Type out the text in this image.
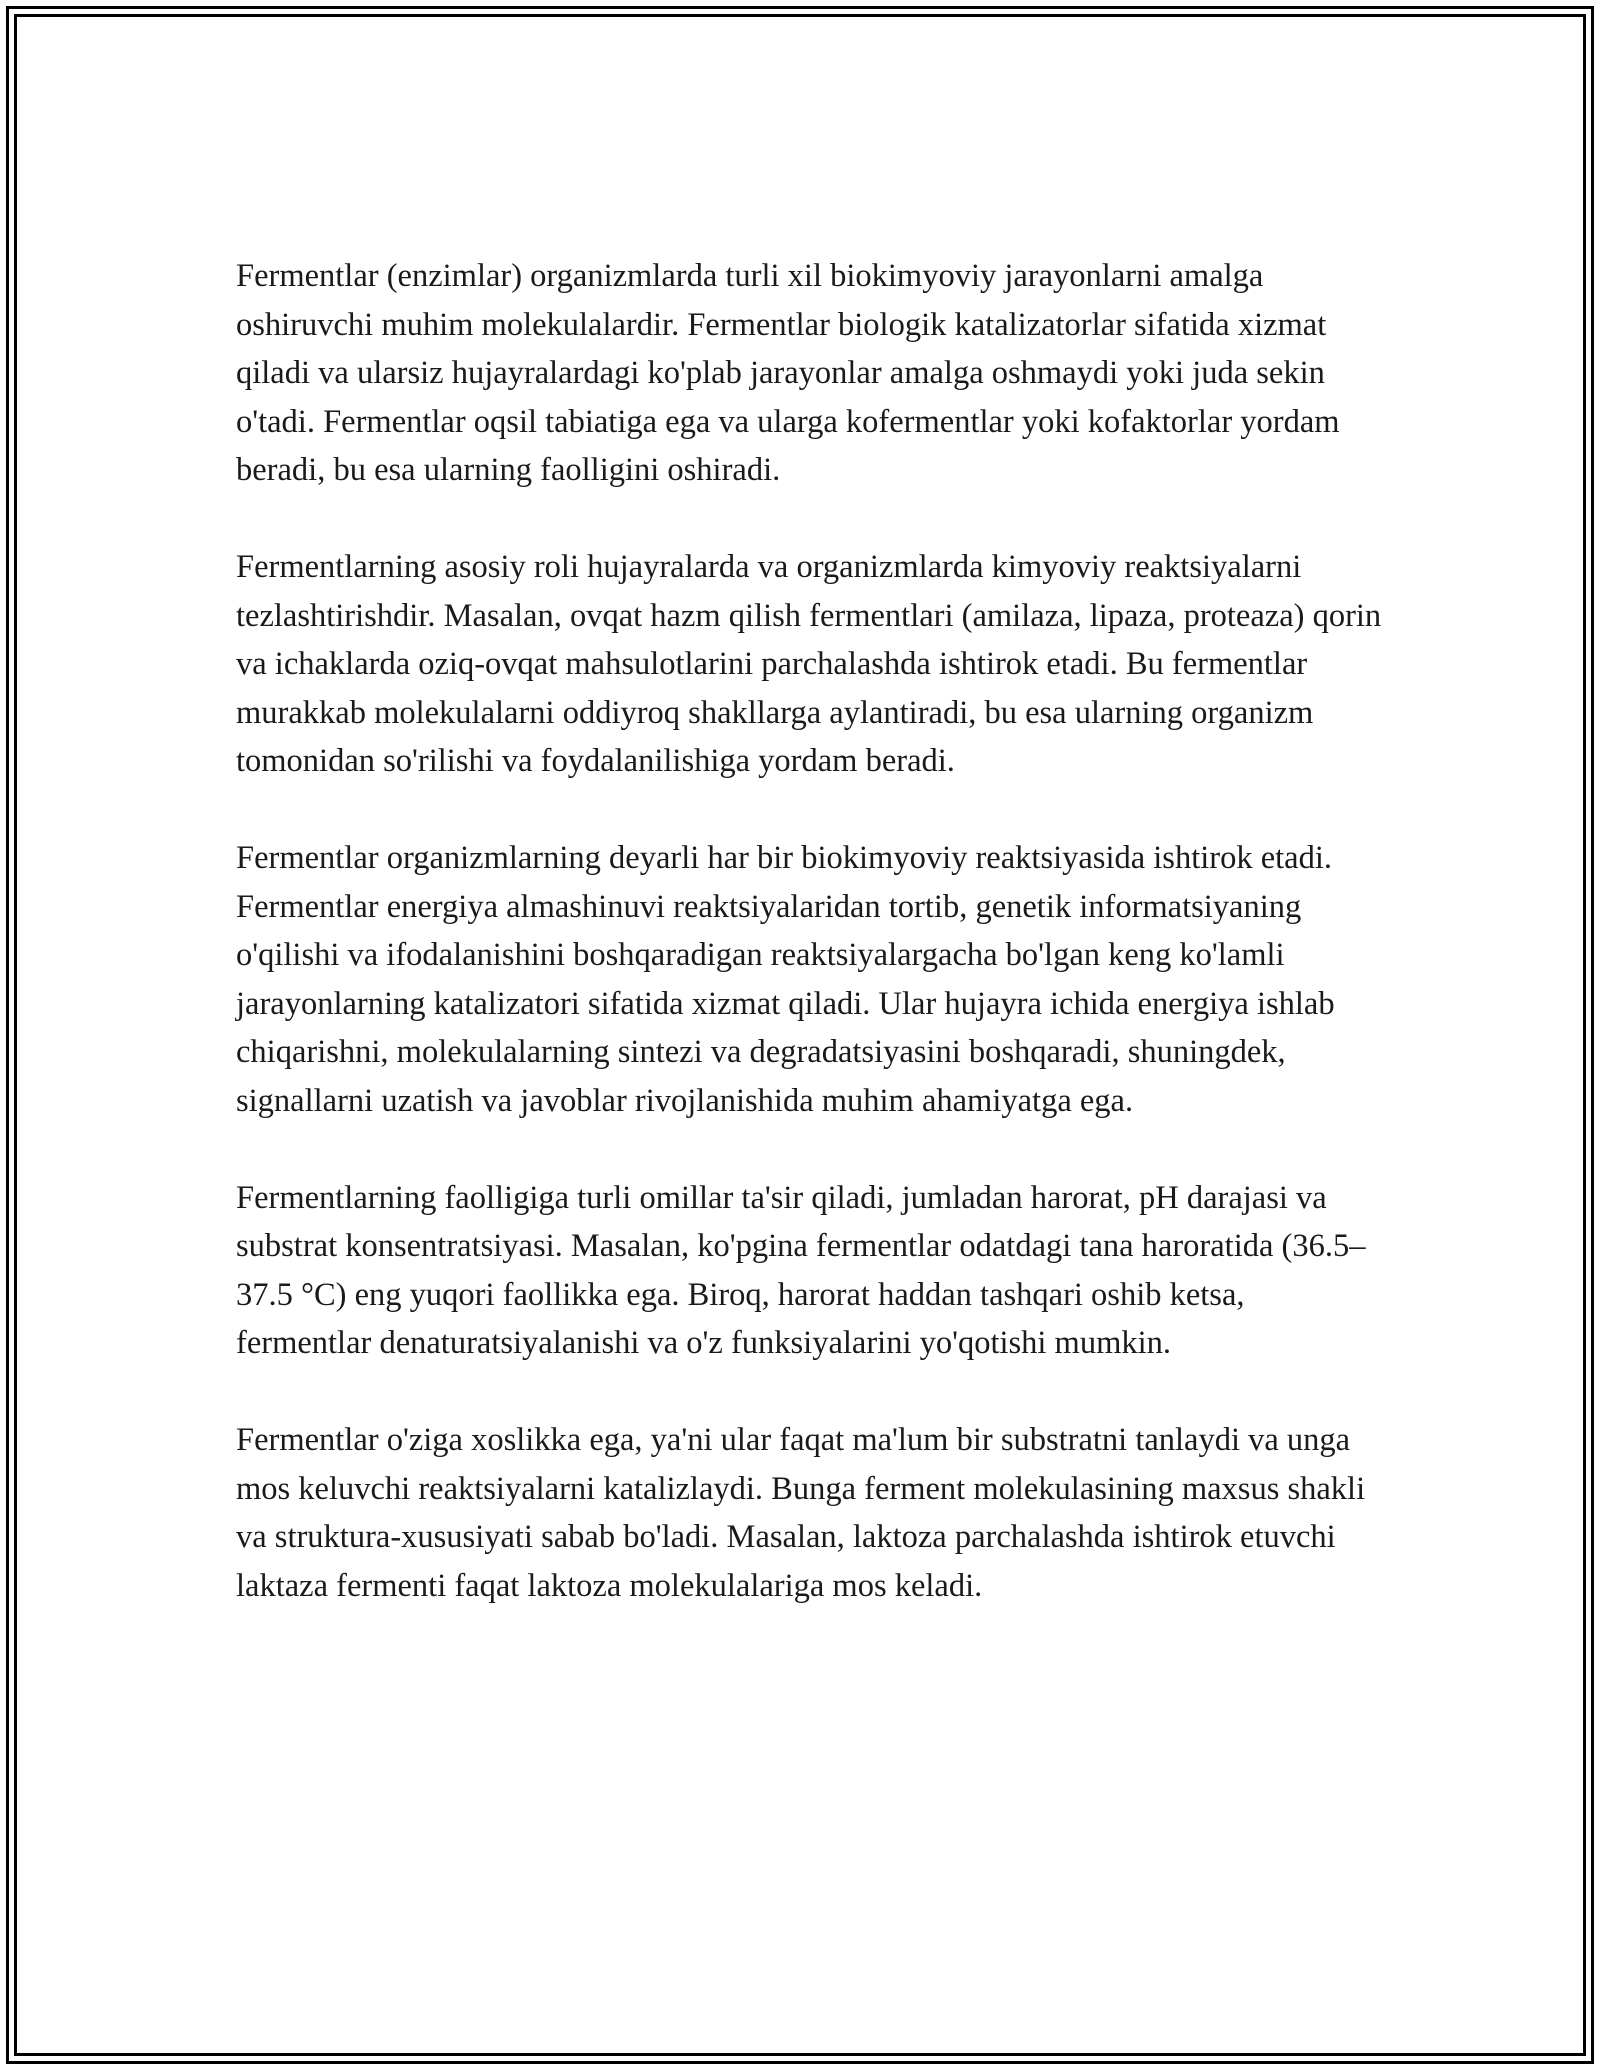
Fermentlar (enzimlar) organizmlarda turli xil biokimyoviy jarayonlarni amalga oshiruvchi muhim molekulalardir. Fermentlar biologik katalizatorlar sifatida xizmat qiladi va ularsiz hujayralardagi ko'plab jarayonlar amalga oshmaydi yoki juda sekin o'tadi. Fermentlar oqsil tabiatiga ega va ularga kofermentlar yoki kofaktorlar yordam beradi, bu esa ularning faolligini oshiradi.

Fermentlarning asosiy roli hujayralarda va organizmlarda kimyoviy reaktsiyalarni tezlashtirishdir. Masalan, ovqat hazm qilish fermentlari (amilaza, lipaza, proteaza) qorin va ichaklarda oziq-ovqat mahsulotlarini parchalashda ishtirok etadi. Bu fermentlar murakkab molekulalarni oddiyroq shakllarga aylantiradi, bu esa ularning organizm tomonidan so'rilishi va foydalanilishiga yordam beradi.

Fermentlar organizmlarning deyarli har bir biokimyoviy reaktsiyasida ishtirok etadi. Fermentlar energiya almashinuvi reaktsiyalaridan tortib, genetik informatsiyaning o'qilishi va ifodalanishini boshqaradigan reaktsiyalargacha bo'lgan keng ko'lamli jarayonlarning katalizatori sifatida xizmat qiladi. Ular hujayra ichida energiya ishlab chiqarishni, molekulalarning sintezi va degradatsiyasini boshqaradi, shuningdek, signallarni uzatish va javoblar rivojlanishida muhim ahamiyatga ega.

Fermentlarning faolligiga turli omillar ta'sir qiladi, jumladan harorat, pH darajasi va substrat konsentratsiyasi. Masalan, ko'pgina fermentlar odatdagi tana haroratida (36.5–37.5 °C) eng yuqori faollikka ega. Biroq, harorat haddan tashqari oshib ketsa, fermentlar denaturatsiyalanishi va o'z funksiyalarini yo'qotishi mumkin.

Fermentlar o'ziga xoslikka ega, ya'ni ular faqat ma'lum bir substratni tanlaydi va unga mos keluvchi reaktsiyalarni katalizlaydi. Bunga ferment molekulasining maxsus shakli va struktura-xususiyati sabab bo'ladi. Masalan, laktoza parchalashda ishtirok etuvchi laktaza fermenti faqat laktoza molekulalariga mos keladi.
